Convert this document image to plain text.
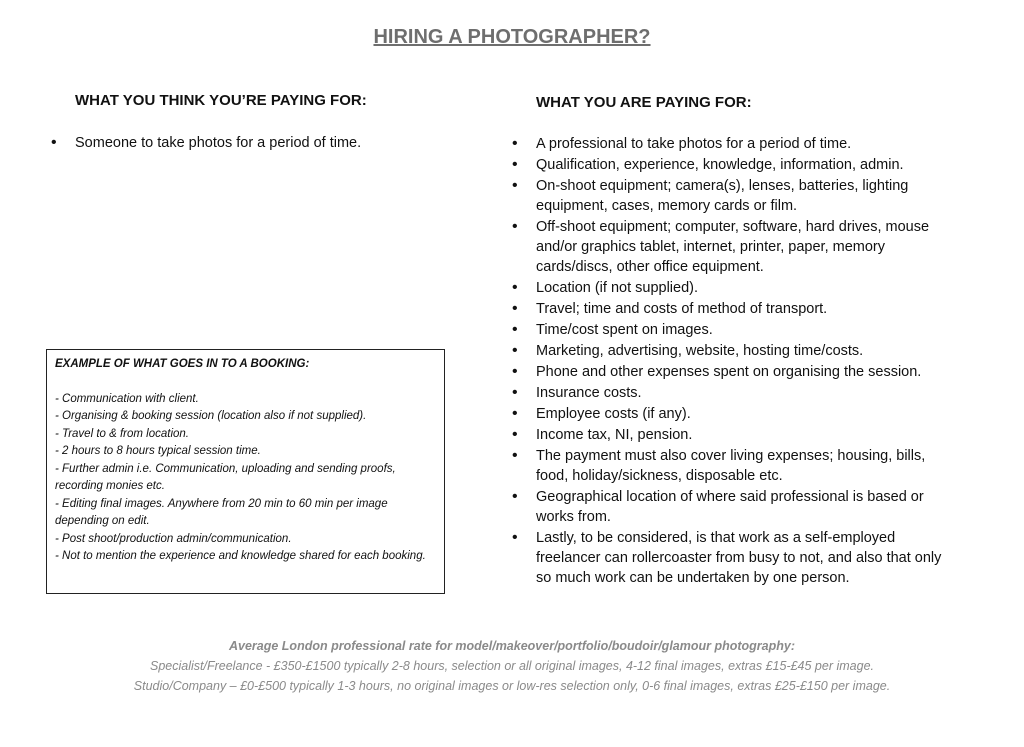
HIRING A PHOTOGRAPHER?
WHAT YOU THINK YOU’RE PAYING FOR:
• Someone to take photos for a period of time.
WHAT YOU ARE PAYING FOR:
• A professional to take photos for a period of time.
• Qualification, experience, knowledge, information, admin.
• On-shoot equipment; camera(s), lenses, batteries, lighting equipment, cases, memory cards or film.
• Off-shoot equipment; computer, software, hard drives, mouse and/or graphics tablet, internet, printer, paper, memory cards/discs, other office equipment.
• Location (if not supplied).
• Travel; time and costs of method of transport.
• Time/cost spent on images.
• Marketing, advertising, website, hosting time/costs.
• Phone and other expenses spent on organising the session.
• Insurance costs.
• Employee costs (if any).
• Income tax, NI, pension.
• The payment must also cover living expenses; housing, bills, food, holiday/sickness, disposable etc.
• Geographical location of where said professional is based or works from.
• Lastly, to be considered, is that work as a self-employed freelancer can rollercoaster from busy to not, and also that only so much work can be undertaken by one person.
EXAMPLE OF WHAT GOES IN TO A BOOKING:
- Communication with client.
- Organising & booking session (location also if not supplied).
- Travel to & from location.
- 2 hours to 8 hours typical session time.
- Further admin i.e. Communication, uploading and sending proofs, recording monies etc.
- Editing final images. Anywhere from 20 min to 60 min per image depending on edit.
- Post shoot/production admin/communication.
- Not to mention the experience and knowledge shared for each booking.
Average London professional rate for model/makeover/portfolio/boudoir/glamour photography:
Specialist/Freelance - £350-£1500 typically 2-8 hours, selection or all original images, 4-12 final images, extras £15-£45 per image.
Studio/Company – £0-£500 typically 1-3 hours, no original images or low-res selection only, 0-6 final images, extras £25-£150 per image.
